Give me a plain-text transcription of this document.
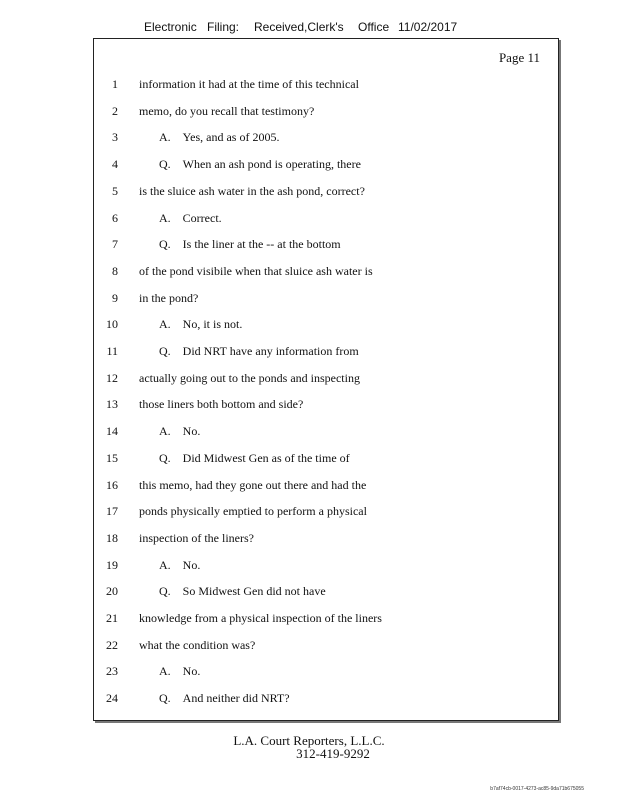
Electronic Filing: Received,Clerk's Office 11/02/2017
Page 11
1 information it had at the time of this technical
2 memo, do you recall that testimony?
3	A.    Yes, and as of 2005.
4	Q.    When an ash pond is operating, there
5 is the sluice ash water in the ash pond, correct?
6	A.    Correct.
7	Q.    Is the liner at the -- at the bottom
8 of the pond visibile when that sluice ash water is
9 in the pond?
10	A.    No, it is not.
11	Q.    Did NRT have any information from
12 actually going out to the ponds and inspecting
13 those liners both bottom and side?
14	A.    No.
15	Q.    Did Midwest Gen as of the time of
16 this memo, had they gone out there and had the
17 ponds physically emptied to perform a physical
18 inspection of the liners?
19	A.    No.
20	Q.    So Midwest Gen did not have
21 knowledge from a physical inspection of the liners
22 what the condition was?
23	A.    No.
24	Q.    And neither did NRT?
L.A. Court Reporters, L.L.C.
312-419-9292
b7af74cb-0017-4273-ac85-9da71b675055
